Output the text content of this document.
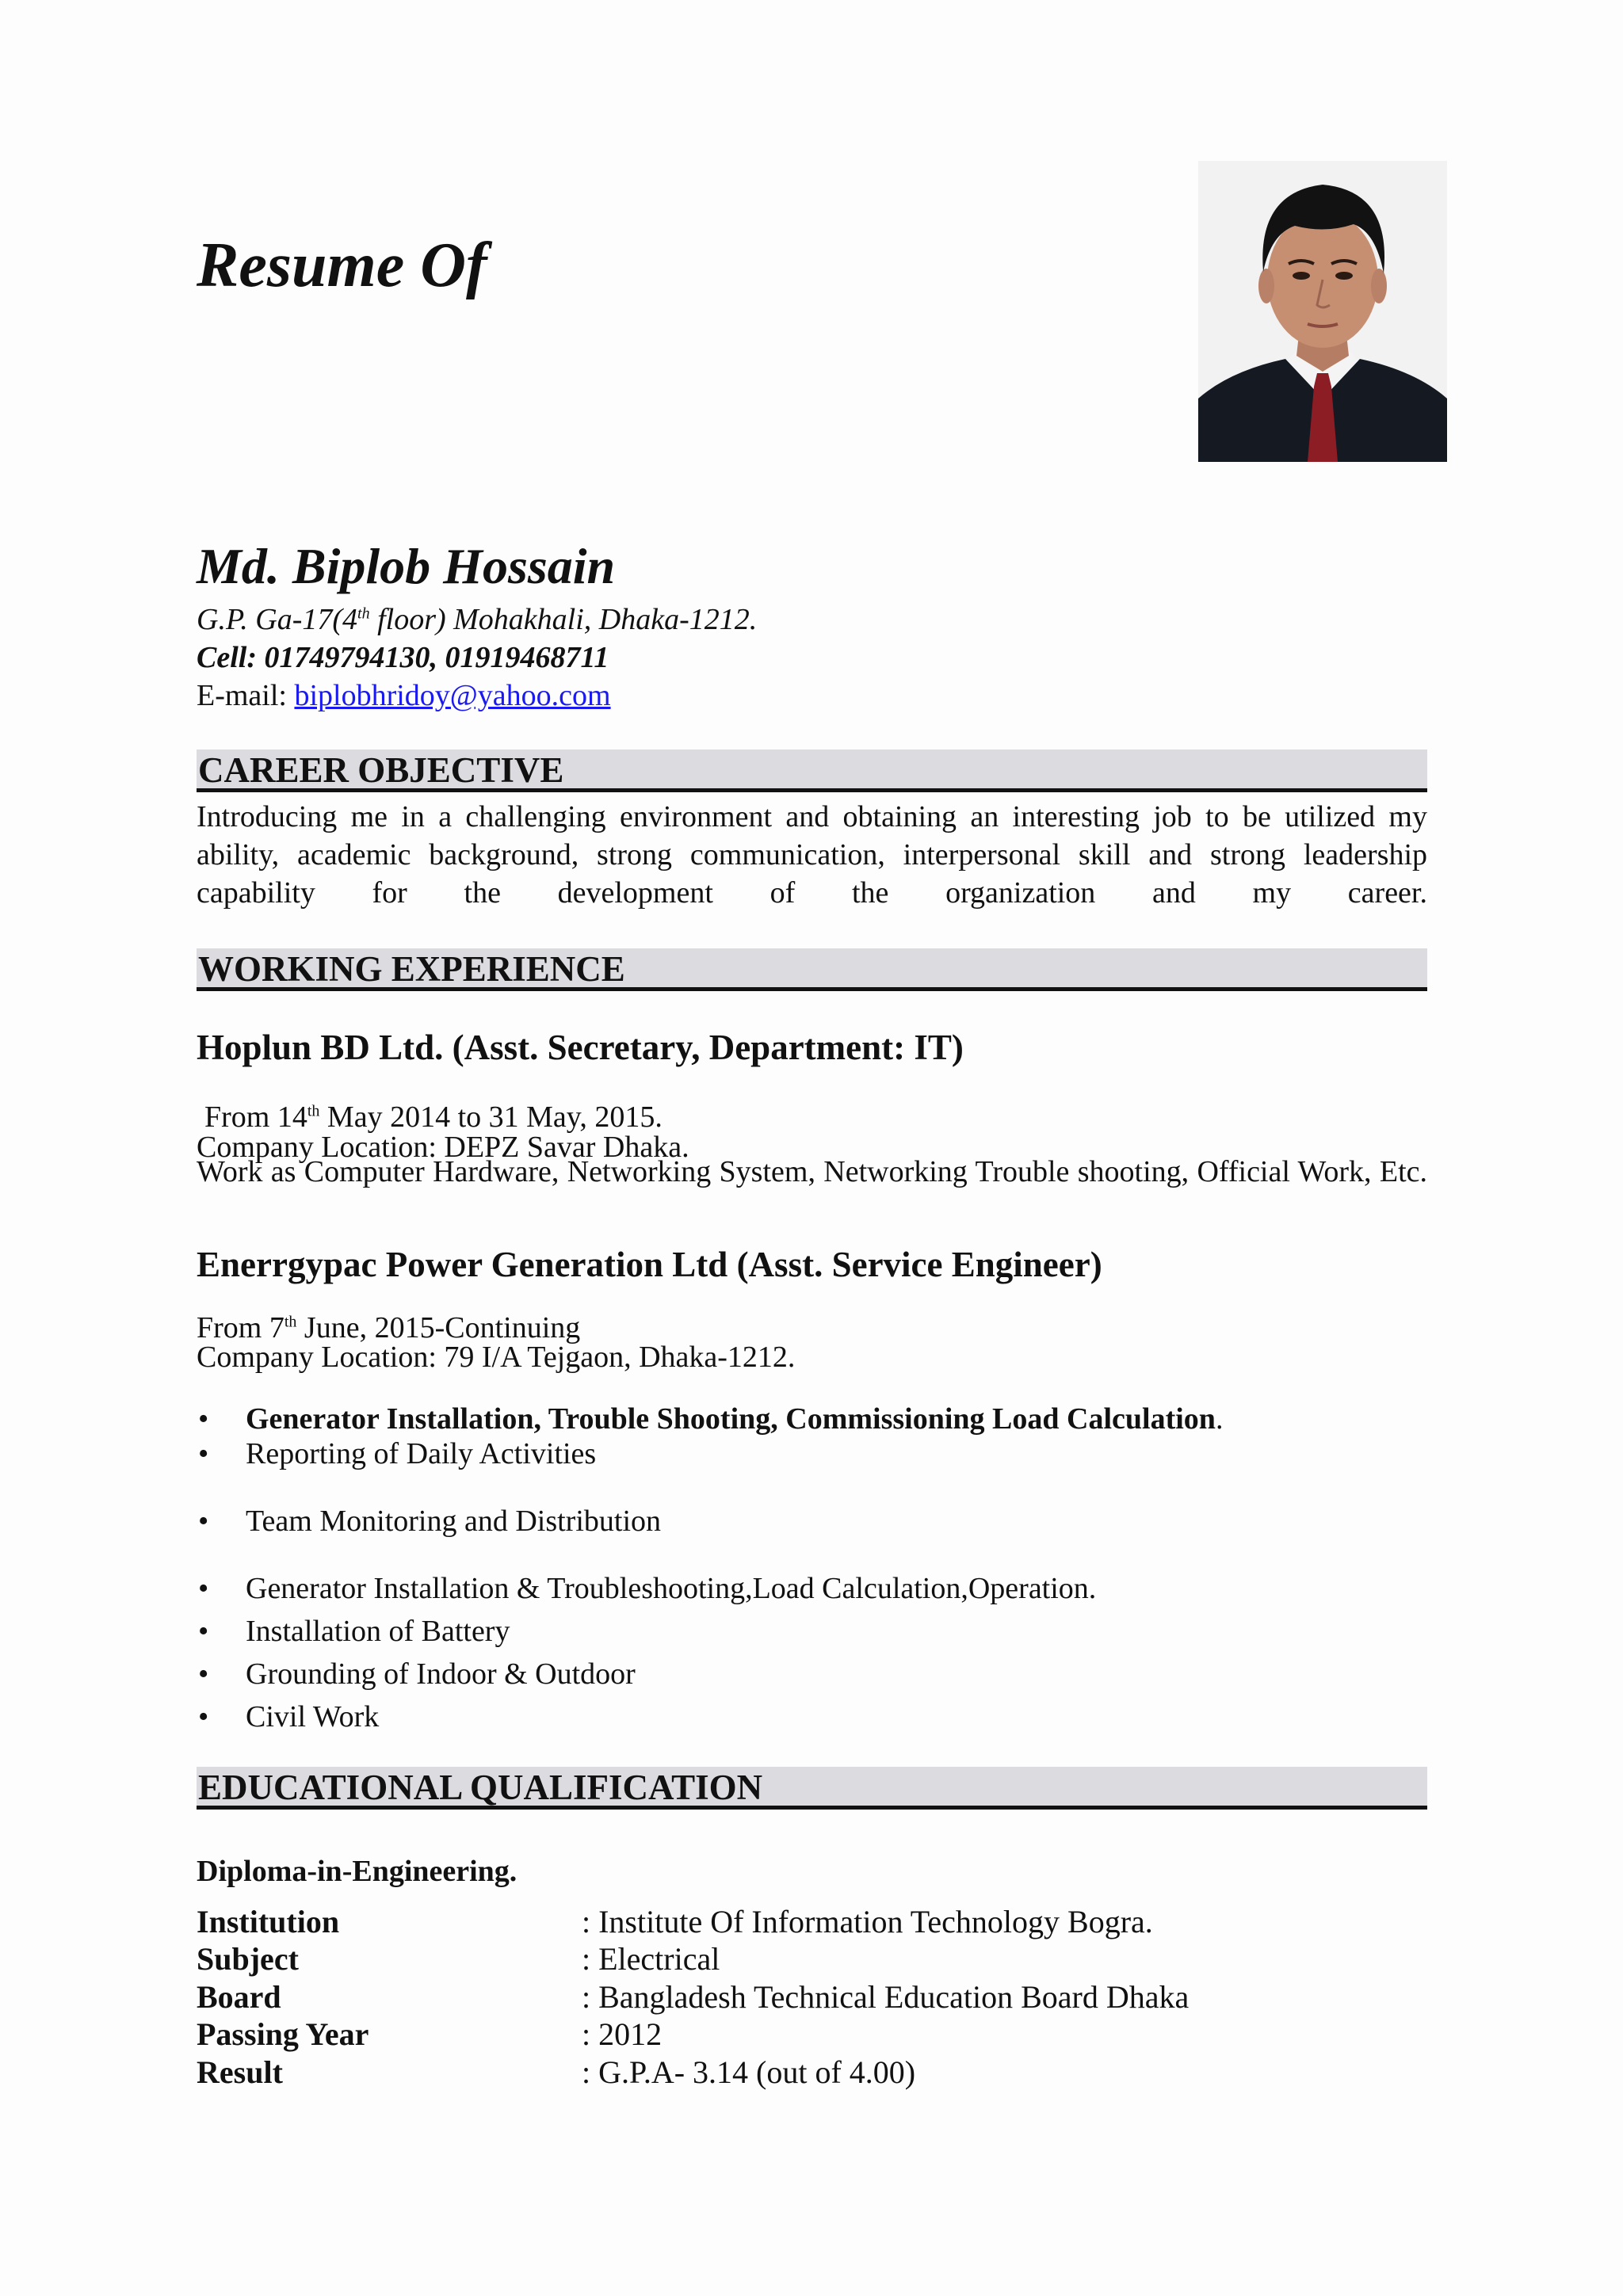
Resume Of
Md. Biplob Hossain
G.P. Ga-17(4th floor) Mohakhali, Dhaka-1212.
Cell: 01749794130, 01919468711
E-mail: biplobhridoy@yahoo.com
CAREER OBJECTIVE
Introducing me in a challenging environment and obtaining an interesting job to be utilized my ability, academic background, strong communication, interpersonal skill and strong leadership capability for the development of the organization and my career.
WORKING EXPERIENCE
Hoplun BD Ltd. (Asst. Secretary, Department: IT)
From 14th May 2014 to 31 May, 2015.
Company Location: DEPZ Savar Dhaka.
Work as Computer Hardware, Networking System, Networking Trouble shooting, Official Work, Etc.
Enerrgypac Power Generation Ltd (Asst. Service Engineer)
From 7th June, 2015-Continuing
Company Location: 79 I/A Tejgaon, Dhaka-1212.
• Generator Installation, Trouble Shooting, Commissioning Load Calculation.
• Reporting of Daily Activities
• Team Monitoring and Distribution
• Generator Installation & Troubleshooting,Load Calculation,Operation.
• Installation of Battery
• Grounding of Indoor & Outdoor
• Civil Work
EDUCATIONAL QUALIFICATION
Diploma-in-Engineering.
Institution	: Institute Of Information Technology Bogra.
Subject	: Electrical
Board	: Bangladesh Technical Education Board Dhaka
Passing Year	: 2012
Result	: G.P.A- 3.14 (out of 4.00)
